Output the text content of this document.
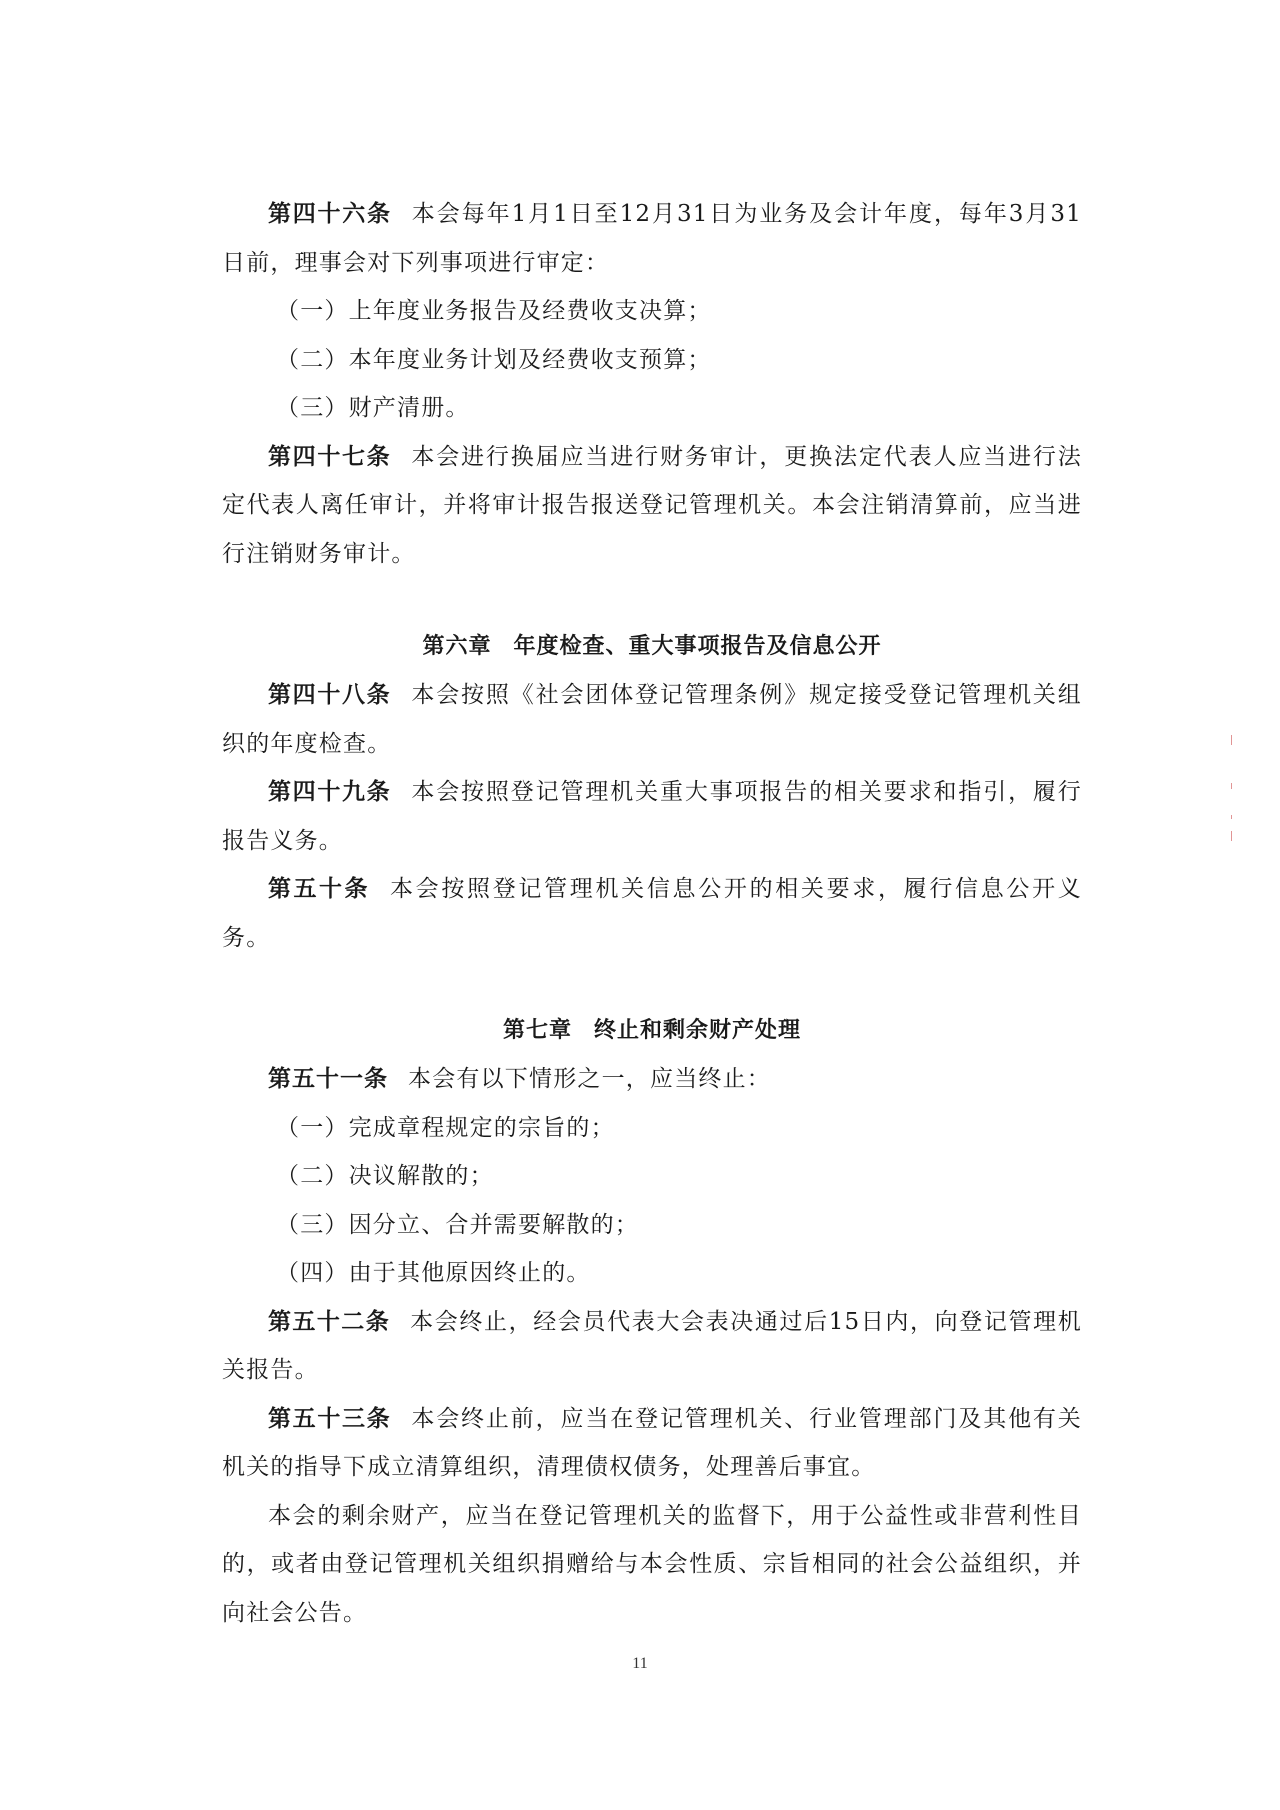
第四十六条 本会每年1月1日至12月31日为业务及会计年度，每年3月31日前，理事会对下列事项进行审定：

（一）上年度业务报告及经费收支决算；

（二）本年度业务计划及经费收支预算；

（三）财产清册。

第四十七条 本会进行换届应当进行财务审计，更换法定代表人应当进行法定代表人离任审计，并将审计报告报送登记管理机关。本会注销清算前，应当进行注销财务审计。

第六章 年度检查、重大事项报告及信息公开

第四十八条 本会按照《社会团体登记管理条例》规定接受登记管理机关组织的年度检查。

第四十九条 本会按照登记管理机关重大事项报告的相关要求和指引，履行报告义务。

第五十条 本会按照登记管理机关信息公开的相关要求，履行信息公开义务。

第七章 终止和剩余财产处理

第五十一条 本会有以下情形之一，应当终止：

（一）完成章程规定的宗旨的；

（二）决议解散的；

（三）因分立、合并需要解散的；

（四）由于其他原因终止的。

第五十二条 本会终止，经会员代表大会表决通过后15日内，向登记管理机关报告。

第五十三条 本会终止前，应当在登记管理机关、行业管理部门及其他有关机关的指导下成立清算组织，清理债权债务，处理善后事宜。

本会的剩余财产，应当在登记管理机关的监督下，用于公益性或非营利性目的，或者由登记管理机关组织捐赠给与本会性质、宗旨相同的社会公益组织，并向社会公告。

11
